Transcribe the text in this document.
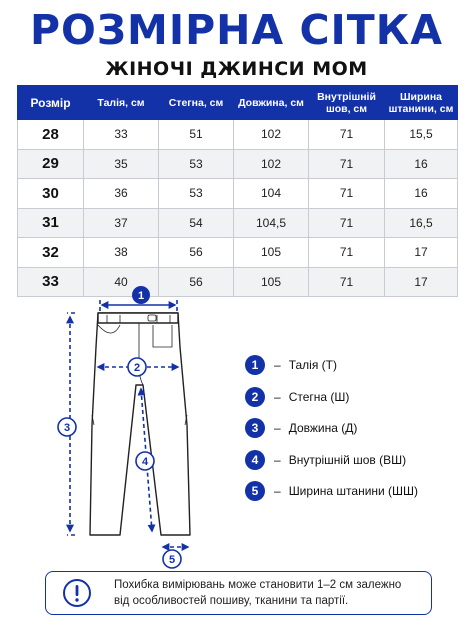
РОЗМІРНА СІТКА
ЖІНОЧІ ДЖИНСИ МОМ
Розмір	Талія, см	Стегна, см	Довжина, см	Внутрішній шов, см	Ширина штанини, см
28	33	51	102	71	15,5
29	35	53	102	71	16
30	36	53	104	71	16
31	37	54	104,5	71	16,5
32	38	56	105	71	17
33	40	56	105	71	17
1
2
3
4
5
1	– Талія (Т)
2	– Стегна (Ш)
3	– Довжина (Д)
4	– Внутрішній шов (ВШ)
5	– Ширина штанини (ШШ)
Похибка вимірювань може становити 1–2 см залежно
від особливостей пошиву, тканини та партії.
